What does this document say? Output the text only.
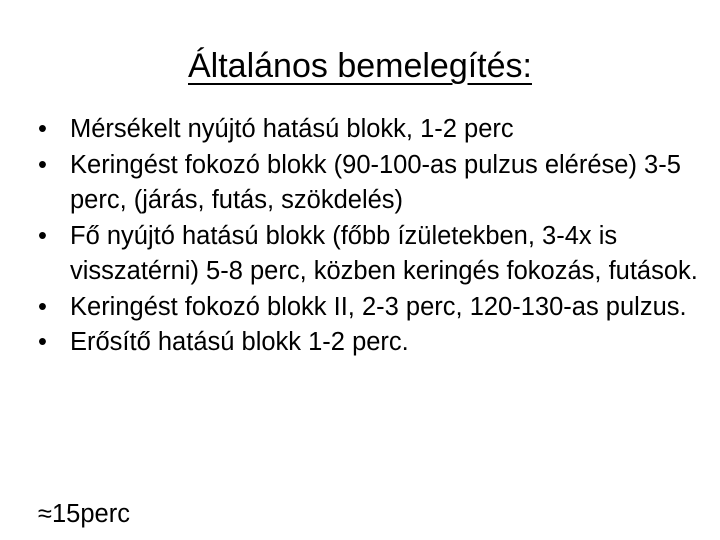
Általános bemelegítés:
• Mérsékelt nyújtó hatású blokk, 1-2 perc
• Keringést fokozó blokk (90-100-as pulzus elérése) 3-5 perc, (járás, futás, szökdelés)
• Fő nyújtó hatású blokk (főbb ízületekben, 3-4x is visszatérni) 5-8 perc, közben keringés fokozás, futások.
• Keringést fokozó blokk II, 2-3 perc, 120-130-as pulzus.
• Erősítő hatású blokk 1-2 perc.
≈15perc
